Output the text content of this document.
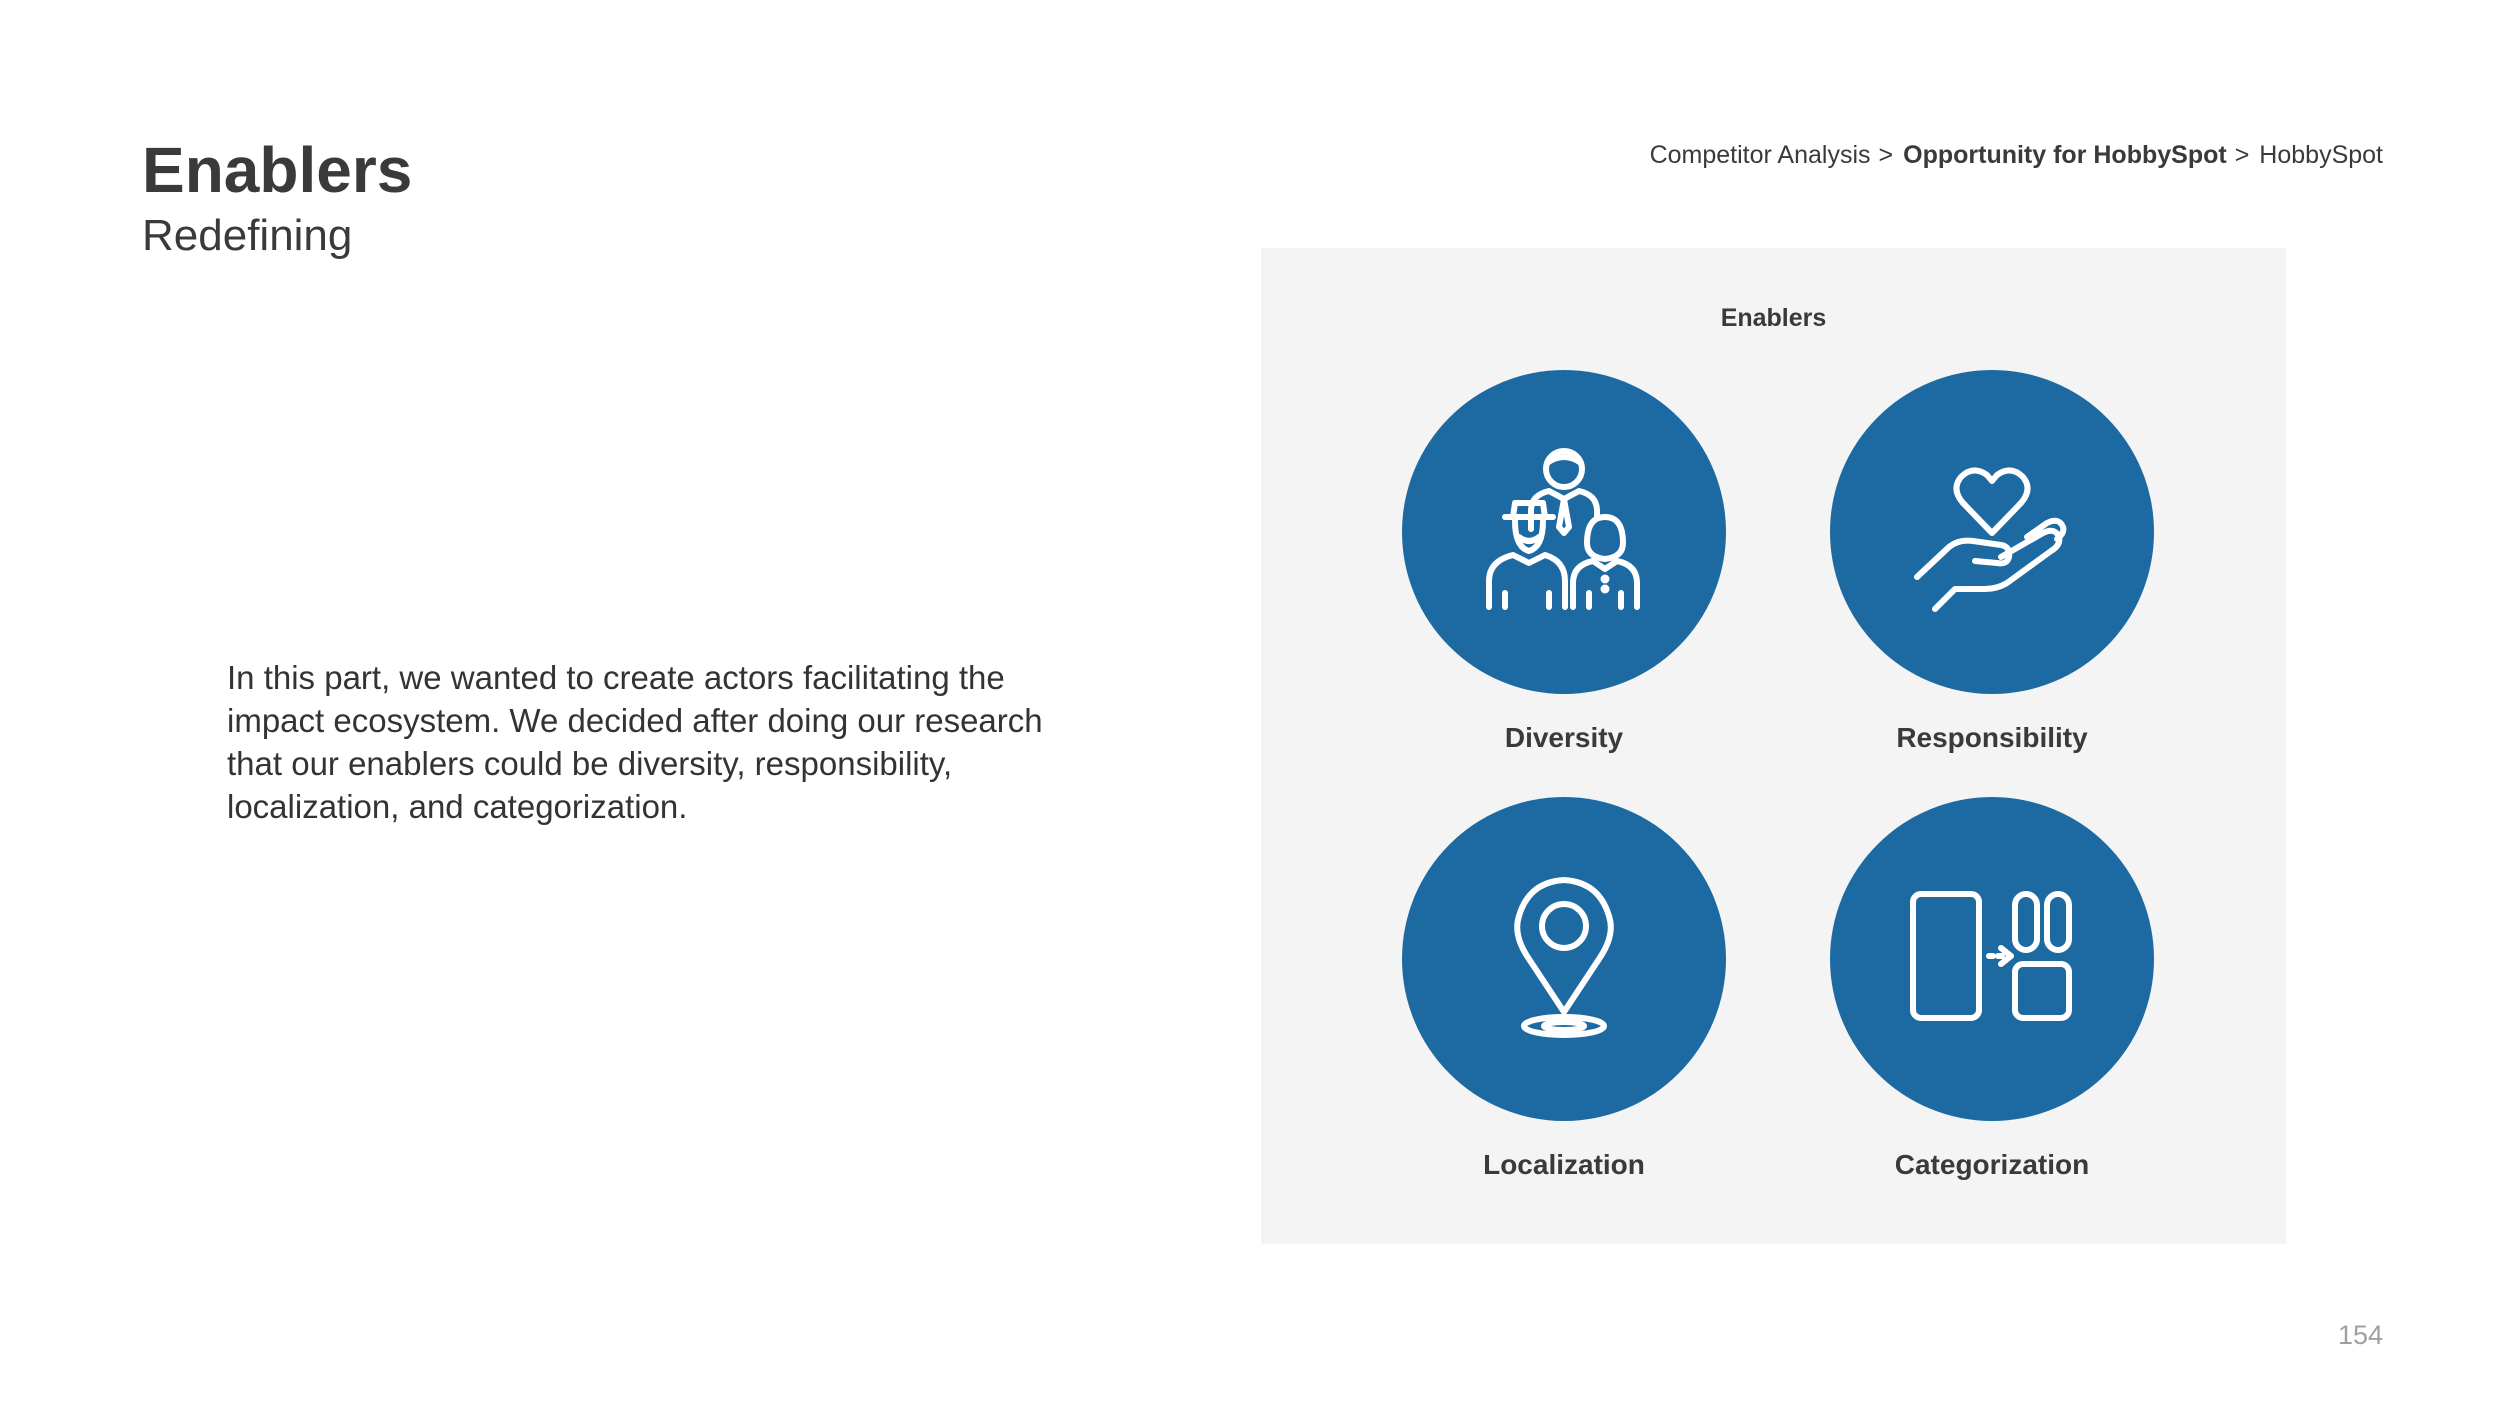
Enablers
Redefining
Competitor Analysis > Opportunity for HobbySpot > HobbySpot
In this part, we wanted to create actors facilitating the impact ecosystem. We decided after doing our research that our enablers could be diversity, responsibility, localization, and categorization.
Enablers
Diversity	Responsibility
Localization	Categorization
154
